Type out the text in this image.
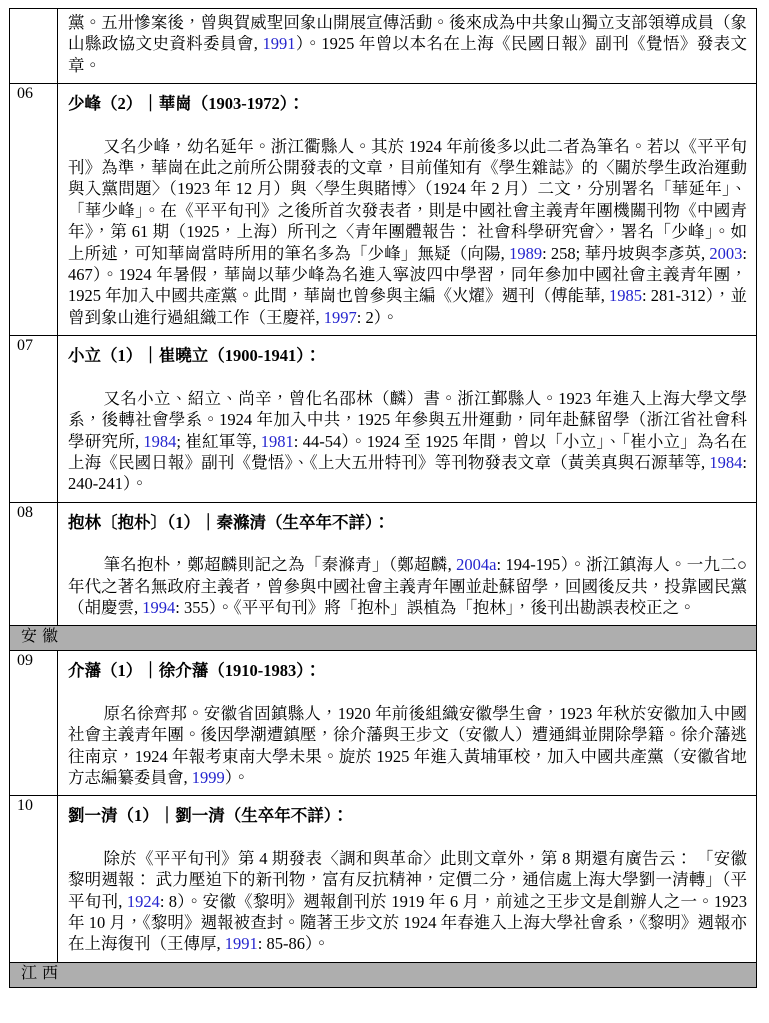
黨。五卅慘案後，曾與賀威聖回象山開展宣傳活動。後來成為中共象山獨立支部領導成員（象山縣政協文史資料委員會, 1991）。1925 年曾以本名在上海《民國日報》副刊《覺悟》發表文章。

06

少峰（2）｜華崗（1903-1972）：

又名少峰，幼名延年。浙江衢縣人。其於 1924 年前後多以此二者為筆名。若以《平平旬刊》為準，華崗在此之前所公開發表的文章，目前僅知有《學生雜誌》的〈關於學生政治運動與入黨問題〉（1923 年 12 月）與〈學生與賭博〉（1924 年 2 月）二文，分別署名「華延年」、「華少峰」。在《平平旬刊》之後所首次發表者，則是中國社會主義青年團機關刊物《中國青年》，第 61 期（1925，上海）所刊之〈青年團體報告： 社會科學研究會〉，署名「少峰」。如上所述，可知華崗當時所用的筆名多為「少峰」無疑（向陽, 1989: 258; 華丹坡與李彥英, 2003: 467）。1924 年暑假，華崗以華少峰為名進入寧波四中學習，同年參加中國社會主義青年團，1925 年加入中國共產黨。此間，華崗也曾參與主編《火燿》週刊（傅能華, 1985: 281-312），並曾到象山進行過組織工作（王慶祥, 1997: 2）。

07

小立（1）｜崔曉立（1900-1941）：

又名小立、紹立、尚辛，曾化名邵林（麟）書。浙江鄞縣人。1923 年進入上海大學文學系，後轉社會學系。1924 年加入中共，1925 年參與五卅運動，同年赴蘇留學（浙江省社會科學研究所, 1984; 崔紅軍等, 1981: 44-54）。1924 至 1925 年間，曾以「小立」、「崔小立」為名在上海《民國日報》副刊《覺悟》、《上大五卅特刊》等刊物發表文章（黃美真與石源華等, 1984: 240-241）。

08

抱林〔抱朴〕（1）｜秦滌清（生卒年不詳）：

筆名抱朴，鄭超麟則記之為「秦滌青」（鄭超麟, 2004a: 194-195）。浙江鎮海人。一九二○年代之著名無政府主義者，曾參與中國社會主義青年團並赴蘇留學，回國後反共，投靠國民黨（胡慶雲, 1994: 355）。《平平旬刊》將「抱朴」誤植為「抱林」，後刊出勘誤表校正之。

安徽
09

介藩（1）｜徐介藩（1910-1983）：

原名徐齊邦。安徽省固鎮縣人，1920 年前後組織安徽學生會，1923 年秋於安徽加入中國社會主義青年團。後因學潮遭鎮壓，徐介藩與王步文（安徽人）遭通緝並開除學籍。徐介藩逃往南京，1924 年報考東南大學未果。旋於 1925 年進入黃埔軍校，加入中國共產黨（安徽省地方志編纂委員會, 1999）。

10

劉一清（1）｜劉一清（生卒年不詳）：

除於《平平旬刊》第 4 期發表〈調和與革命〉此則文章外，第 8 期還有廣告云： 「安徽黎明週報： 武力壓迫下的新刊物，富有反抗精神，定價二分，通信處上海大學劉一清轉」（平平旬刊, 1924: 8）。安徽《黎明》週報創刊於 1919 年 6 月，前述之王步文是創辦人之一。1923 年 10 月，《黎明》週報被查封。隨著王步文於 1924 年春進入上海大學社會系，《黎明》週報亦在上海復刊（王傳厚, 1991: 85-86）。

江西
